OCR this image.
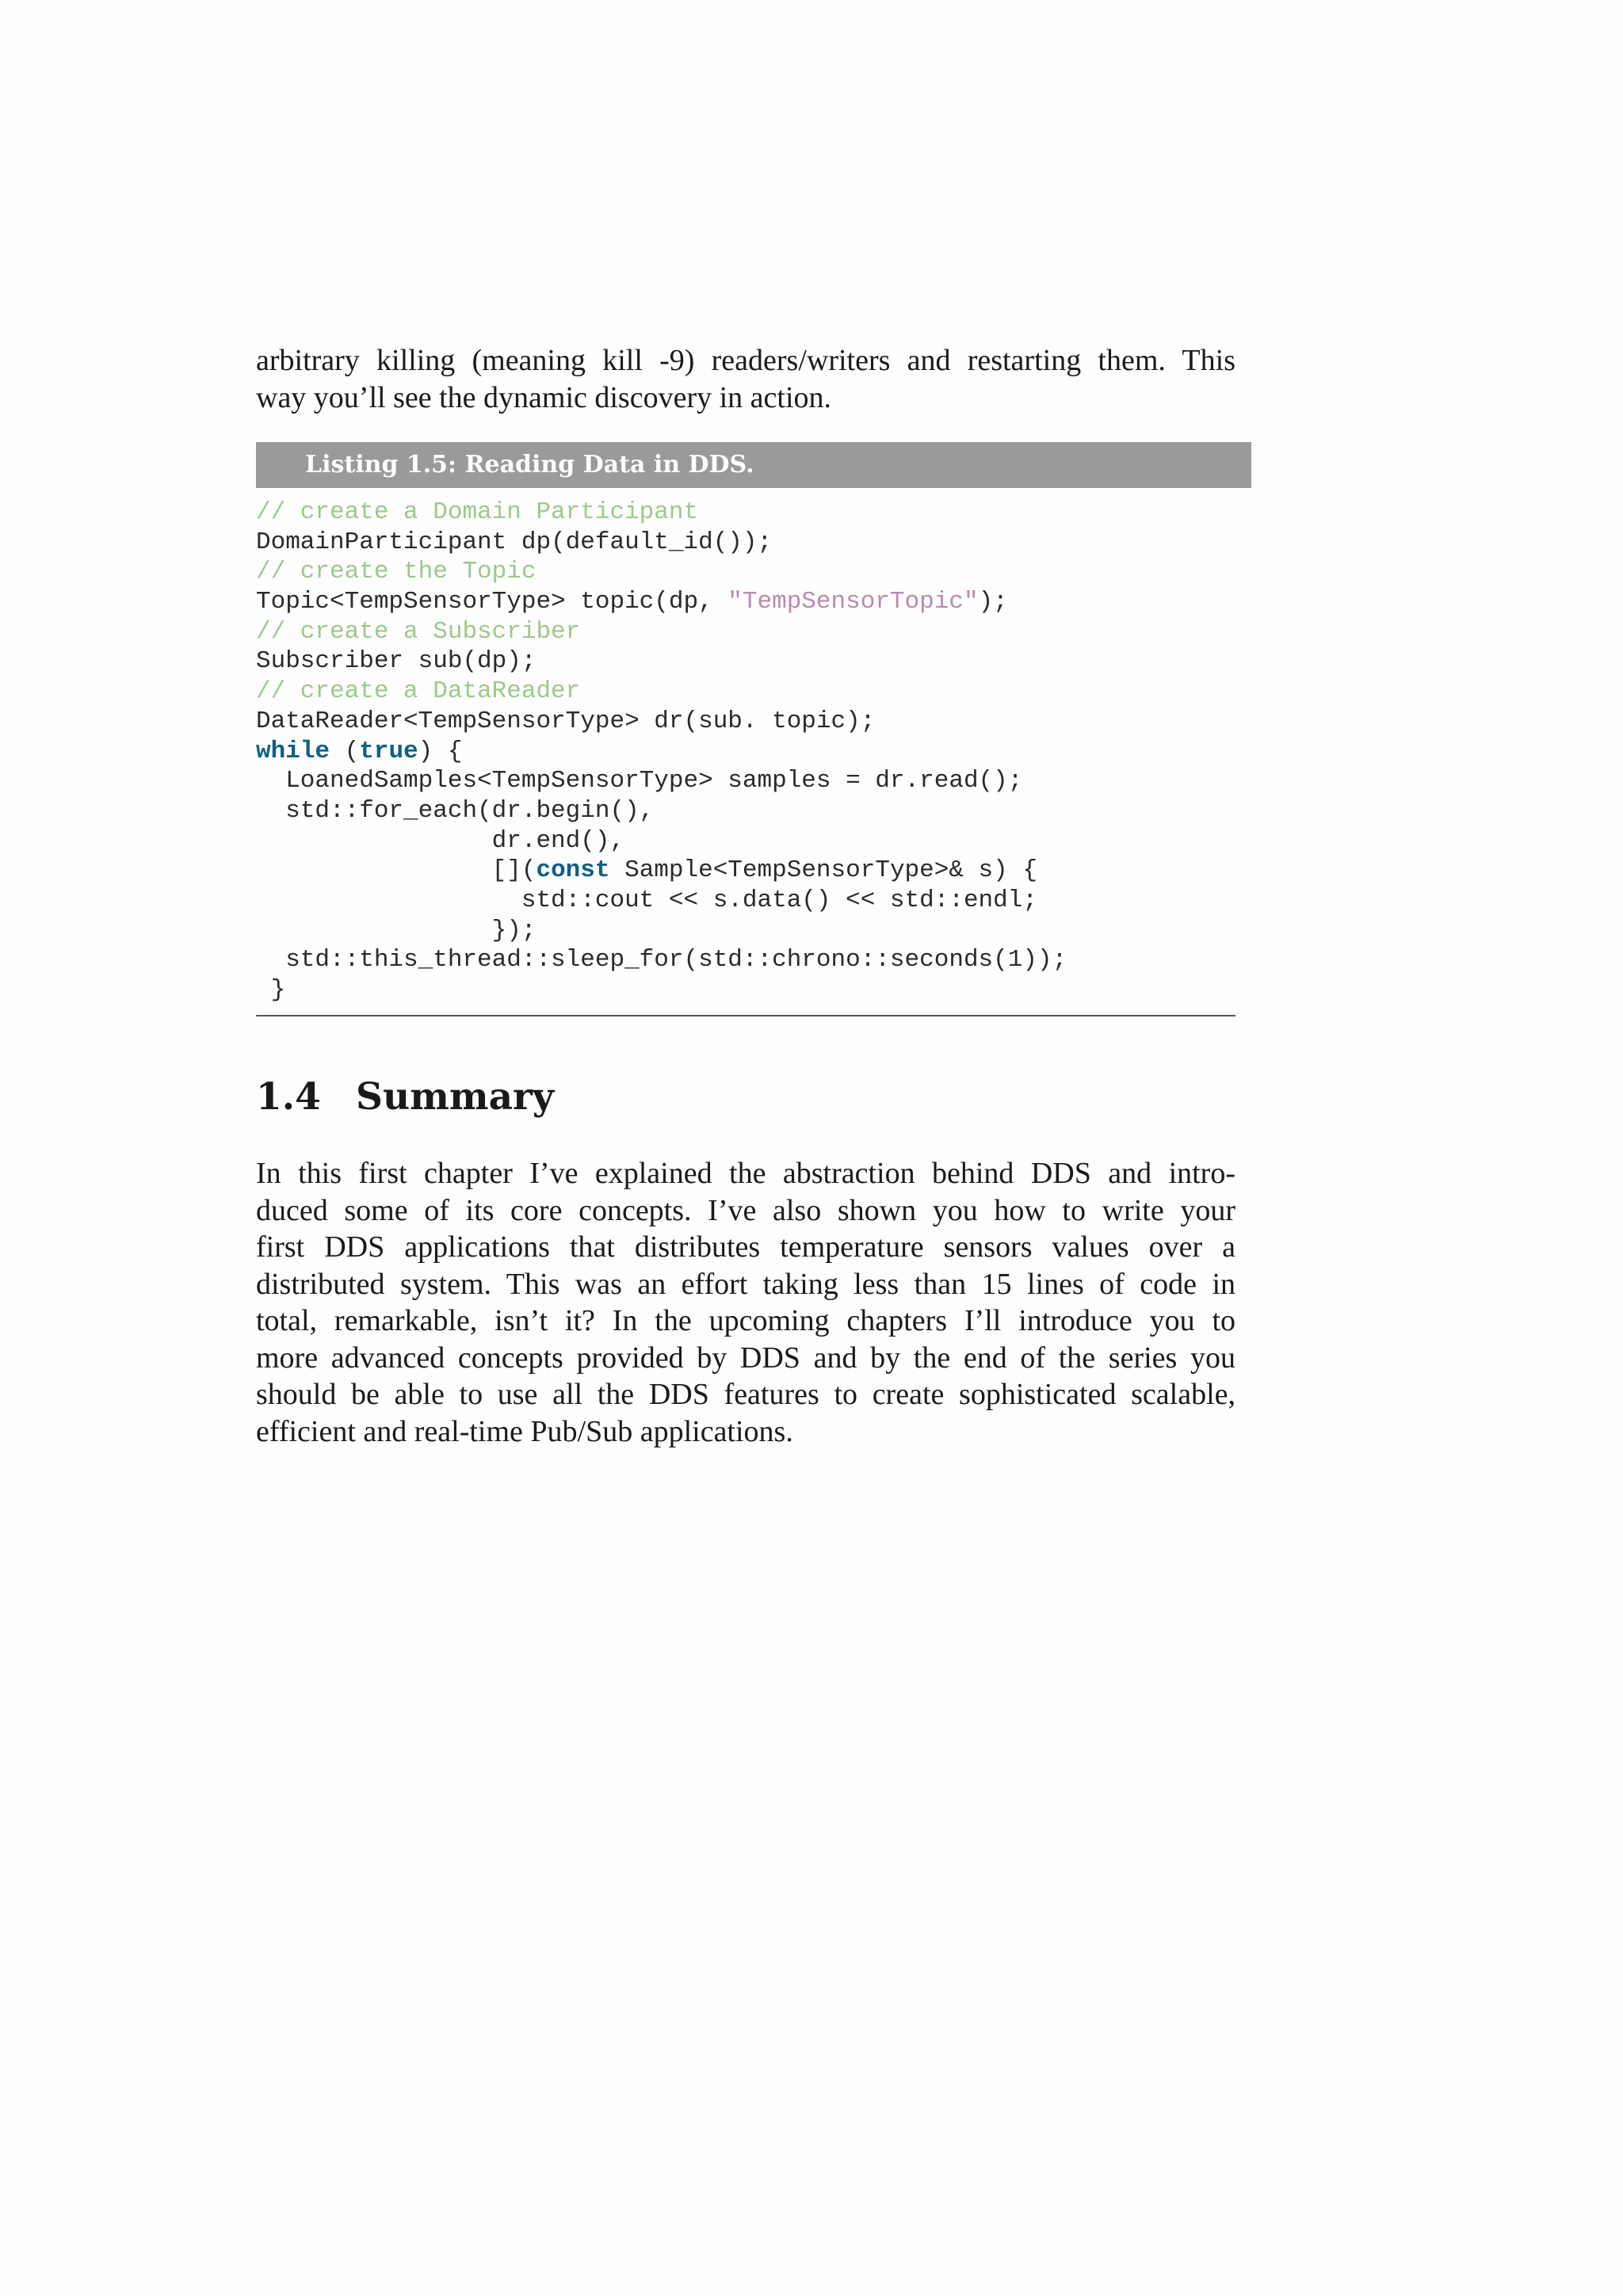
arbitrary killing (meaning kill -9) readers/writers and restarting them. This
way you’ll see the dynamic discovery in action.

Listing 1.5: Reading Data in DDS.
// create a Domain Participant
DomainParticipant dp(default_id());
// create the Topic
Topic<TempSensorType> topic(dp, "TempSensorTopic");
// create a Subscriber
Subscriber sub(dp);
// create a DataReader
DataReader<TempSensorType> dr(sub. topic);
while (true) {
LoanedSamples<TempSensorType> samples = dr.read();
std::for_each(dr.begin(),
dr.end(),
[](const Sample<TempSensorType>& s) {
std::cout << s.data() << std::endl;
});
std::this_thread::sleep_for(std::chrono::seconds(1));
}
1.4 Summary

In this first chapter I’ve explained the abstraction behind DDS and intro-
duced some of its core concepts. I’ve also shown you how to write your
first DDS applications that distributes temperature sensors values over a
distributed system. This was an effort taking less than 15 lines of code in
total, remarkable, isn’t it? In the upcoming chapters I’ll introduce you to
more advanced concepts provided by DDS and by the end of the series you
should be able to use all the DDS features to create sophisticated scalable,
efficient and real-time Pub/Sub applications.
